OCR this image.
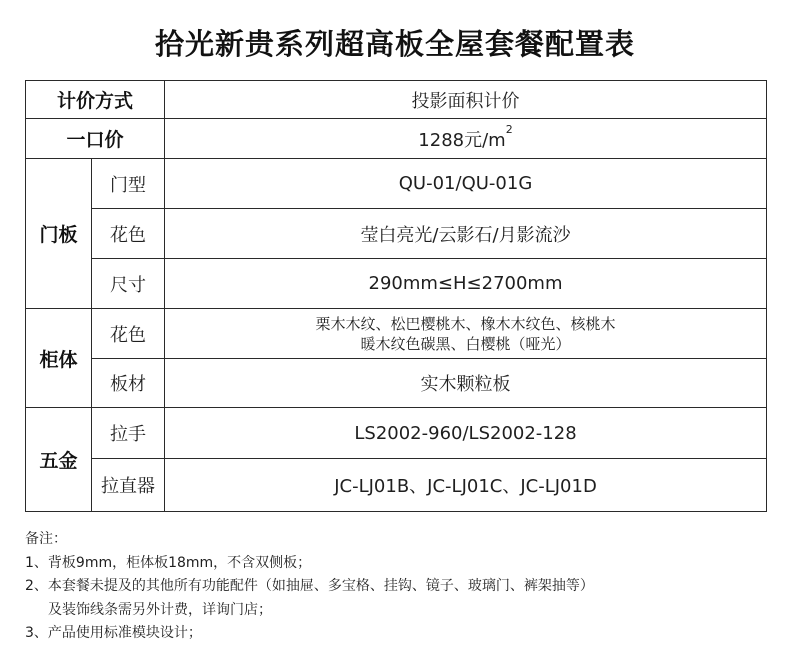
拾光新贵系列超高板全屋套餐配置表
计价方式		投影面积计价
一口价		1288元$/m^2$
门板	门型	QU-01/QU-01G
	花色	莹白亮光/云影石/月影流沙
	尺寸	290mm≤H≤2700mm
柜体	花色	栗木木纹、松巴樱桃木、橡木木纹色、核桃木
暖木纹色碳黑、白樱桃（哑光）

	板材	实木颗粒板
五金	拉手	LS2002-960/LS2002-128
	拉直器	JC-LJ01B、JC-LJ01C、JC-LJ01D
备注：
1、背板9mm，柜体板18mm，不含双侧板；
2、本套餐未提及的其他所有功能配件（如抽屉、多宝格、挂钩、镜子、玻璃门、裤架抽等）
及装饰线条需另外计费，详询门店；
3、产品使用标准模块设计；
